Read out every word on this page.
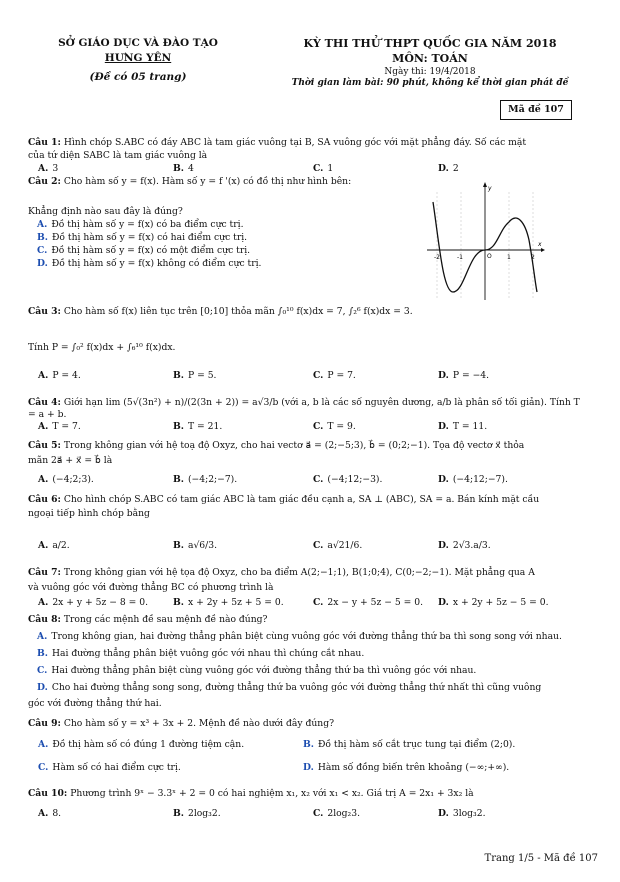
SỞ GIÁO DỤC VÀ ĐÀO TẠO
HƯNG YÊN
(Đề có 05 trang)
KỲ THI THỬ THPT QUỐC GIA NĂM 2018
MÔN: TOÁN
Ngày thi: 19/4/2018
Thời gian làm bài: 90 phút, không kể thời gian phát đề
Mã đề 107
Câu 1: Hình chóp S.ABC có đáy ABC là tam giác vuông tại B, SA vuông góc với mặt phẳng đáy. Số các mặt
của tứ diện SABC là tam giác vuông là
A. 3	B. 4	C. 1	D. 2
Câu 2: Cho hàm số y = f(x). Hàm số y = f '(x) có đồ thị như hình bên:
Khẳng định nào sau đây là đúng?
A. Đồ thị hàm số y = f(x) có ba điểm cực trị.
B. Đồ thị hàm số y = f(x) có hai điểm cực trị.
C. Đồ thị hàm số y = f(x) có một điểm cực trị.
D. Đồ thị hàm số y = f(x) không có điểm cực trị.
-2	-1	O	1	2
x
y
Câu 3: Cho hàm số f(x) liên tục trên [0;10] thỏa mãn ∫₀¹⁰ f(x)dx = 7, ∫₂⁶ f(x)dx = 3.
Tính P = ∫₀² f(x)dx + ∫₆¹⁰ f(x)dx.
A. P = 4.	B. P = 5.	C. P = 7.	D. P = −4.
Câu 4: Giới hạn lim (5√(3n²) + n)/(2(3n + 2)) = a√3/b (với a, b là các số nguyên dương, a/b là phân số tối giản). Tính T = a + b.
A. T = 7.	B. T = 21.	C. T = 9.	D. T = 11.
Câu 5: Trong không gian với hệ toạ độ Oxyz, cho hai vectơ a⃗ = (2;−5;3), b⃗ = (0;2;−1). Tọa độ vectơ x⃗ thỏa
mãn 2a⃗ + x⃗ = b⃗ là
A. (−4;2;3).	B. (−4;2;−7).	C. (−4;12;−3).	D. (−4;12;−7).
Câu 6: Cho hình chóp S.ABC có tam giác ABC là tam giác đều cạnh a, SA ⊥ (ABC), SA = a. Bán kính mặt cầu
ngoại tiếp hình chóp bằng
A. a/2.	B. a√6/3.	C. a√21/6.	D. 2√3.a/3.
Câu 7: Trong không gian với hệ tọa độ Oxyz, cho ba điểm A(2;−1;1), B(1;0;4), C(0;−2;−1). Mặt phẳng qua A
và vuông góc với đường thẳng BC có phương trình là
A. 2x + y + 5z − 8 = 0.	B. x + 2y + 5z + 5 = 0.	C. 2x − y + 5z − 5 = 0. D. x + 2y + 5z − 5 = 0.
Câu 8: Trong các mệnh đề sau mệnh đề nào đúng?
A. Trong không gian, hai đường thẳng phân biệt cùng vuông góc với đường thẳng thứ ba thì song song với nhau.
B. Hai đường thẳng phân biệt vuông góc với nhau thì chúng cắt nhau.
C. Hai đường thẳng phân biệt cùng vuông góc với đường thẳng thứ ba thì vuông góc với nhau.
D. Cho hai đường thẳng song song, đường thẳng thứ ba vuông góc với đường thẳng thứ nhất thì cũng vuông
góc với đường thẳng thứ hai.
Câu 9: Cho hàm số y = x³ + 3x + 2. Mệnh đề nào dưới đây đúng?
A. Đồ thị hàm số có đúng 1 đường tiệm cận.	B. Đồ thị hàm số cắt trục tung tại điểm (2;0).
C. Hàm số có hai điểm cực trị.	D. Hàm số đồng biến trên khoảng (−∞;+∞).
Câu 10: Phương trình 9ˣ − 3.3ˣ + 2 = 0 có hai nghiệm x₁, x₂ với x₁ < x₂. Giá trị A = 2x₁ + 3x₂ là
A. 8.	B. 2log₃2.	C. 2log₂3.	D. 3log₃2.
Trang 1/5 - Mã đề 107
